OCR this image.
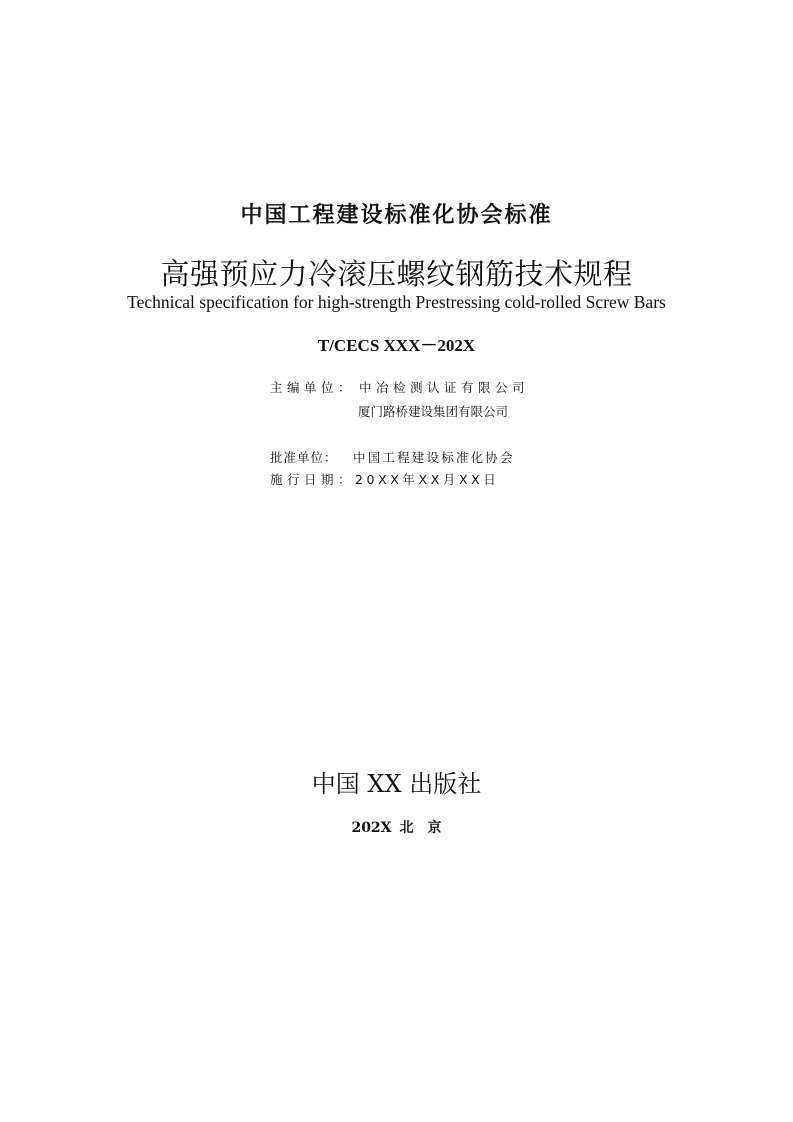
中国工程建设标准化协会标准
高强预应力冷滚压螺纹钢筋技术规程
Technical specification for high-strength Prestressing cold-rolled Screw Bars
T/CECS XXX－202X
主编单位： 中冶检测认证有限公司
厦门路桥建设集团有限公司
批准单位： 中国工程建设标准化协会
施行日期： 20XX年XX月XX日
中国 XX 出版社
202X 北　京
